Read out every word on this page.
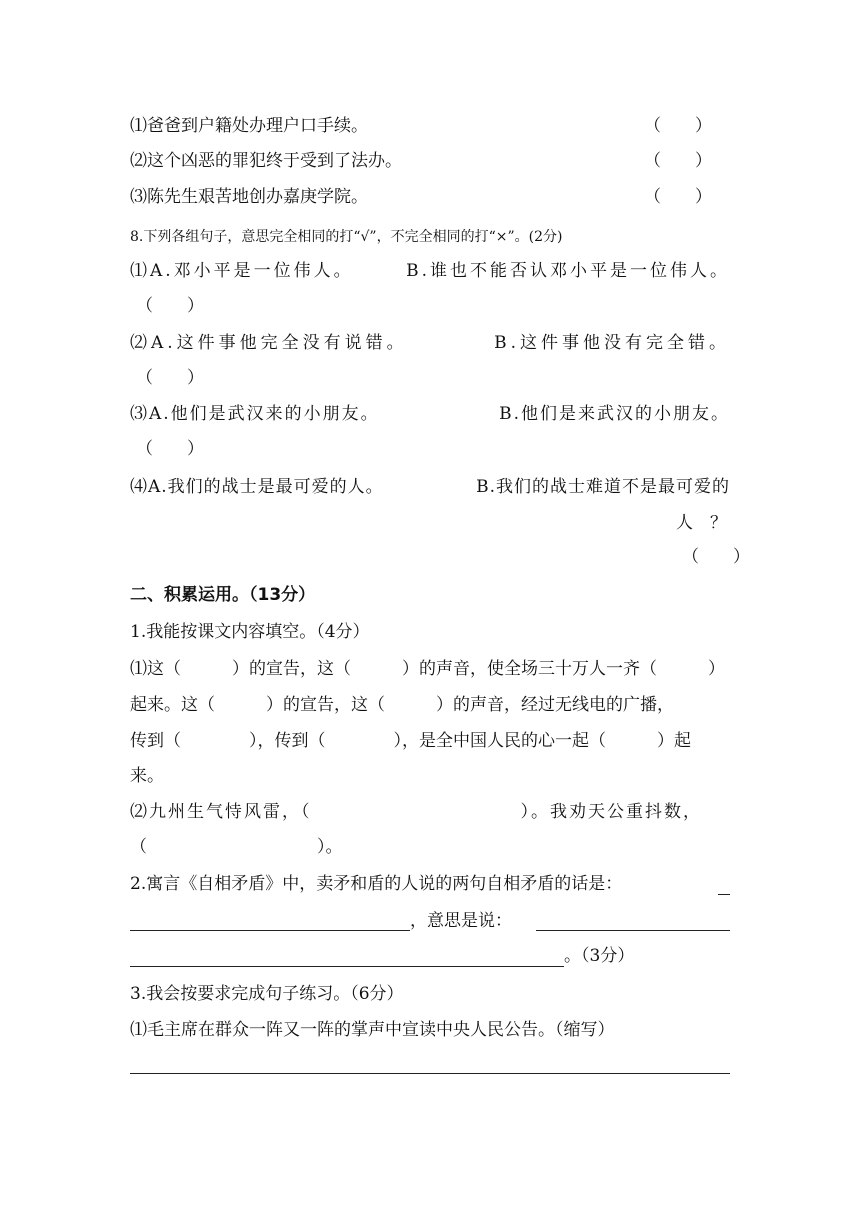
⑴爸爸到户籍处办理户口手续。	（　　）
⑵这个凶恶的罪犯终于受到了法办。	（　　）
⑶陈先生艰苦地创办嘉庚学院。	（　　）
8.下列各组句子，意思完全相同的打“√”，不完全相同的打“×”。(2分)
⑴A.邓小平是一位伟人。	B.谁也不能否认邓小平是一位伟人。
（　　）
⑵A.这件事他完全没有说错。	B.这件事他没有完全错。
（　　）
⑶A.他们是武汉来的小朋友。	B.他们是来武汉的小朋友。
（　　）
⑷A.我们的战士是最可爱的人。	B.我们的战士难道不是最可爱的
人　？
（　　）
二、积累运用。（13分）
1.我能按课文内容填空。（4分）
⑴这（　　　）的宣告，这（　　　）的声音，使全场三十万人一齐（　　　）
起来。这（　　　）的宣告，这（　　　）的声音，经过无线电的广播，
传到（　　　　），传到（　　　　），是全中国人民的心一起（　　　）起
来。
⑵九州生气恃风雷，（　　　　　　　　　　　）。我劝天公重抖数，
（　　　　　　　　　　）。
2.寓言《自相矛盾》中，卖矛和盾的人说的两句自相矛盾的话是：
，意思是说：
。（3分）
3.我会按要求完成句子练习。（6分）
⑴毛主席在群众一阵又一阵的掌声中宣读中央人民公告。（缩写）
